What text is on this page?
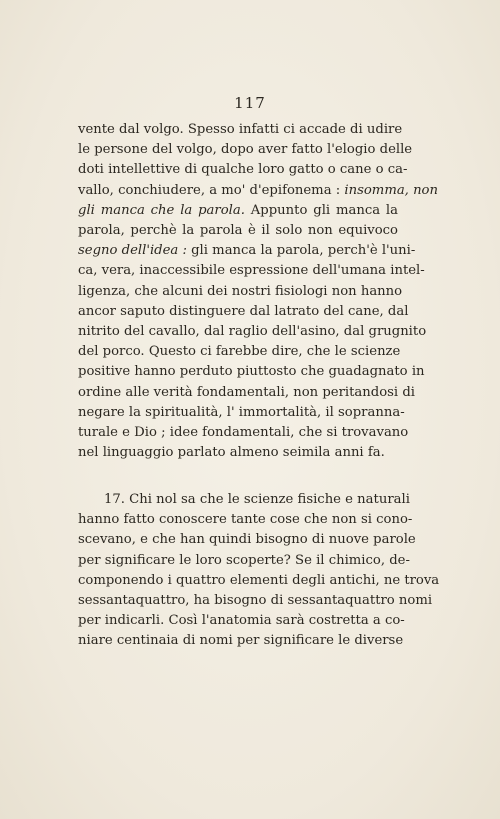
117
vente dal volgo. Spesso infatti ci accade di udire
le persone del volgo, dopo aver fatto l'elogio delle
doti intellettive di qualche loro gatto o cane o ca-
vallo, conchiudere, a mo' d'epifonema : insomma, non
gli manca che la parola. Appunto gli manca la
parola, perchè la parola è il solo non equivoco
segno dell'idea : gli manca la parola, perch'è l'uni-
ca, vera, inaccessibile espressione dell'umana intel-
ligenza, che alcuni dei nostri fisiologi non hanno
ancor saputo distinguere dal latrato del cane, dal
nitrito del cavallo, dal raglio dell'asino, dal grugnito
del porco. Questo ci farebbe dire, che le scienze
positive hanno perduto piuttosto che guadagnato in
ordine alle verità fondamentali, non peritandosi di
negare la spiritualità, l' immortalità, il sopranna-
turale e Dio ; idee fondamentali, che si trovavano
nel linguaggio parlato almeno seimila anni fa.
17. Chi nol sa che le scienze fisiche e naturali
hanno fatto conoscere tante cose che non si cono-
scevano, e che han quindi bisogno di nuove parole
per significare le loro scoperte? Se il chimico, de-
componendo i quattro elementi degli antichi, ne trova
sessantaquattro, ha bisogno di sessantaquattro nomi
per indicarli. Così l'anatomia sarà costretta a co-
niare centinaia di nomi per significare le diverse
